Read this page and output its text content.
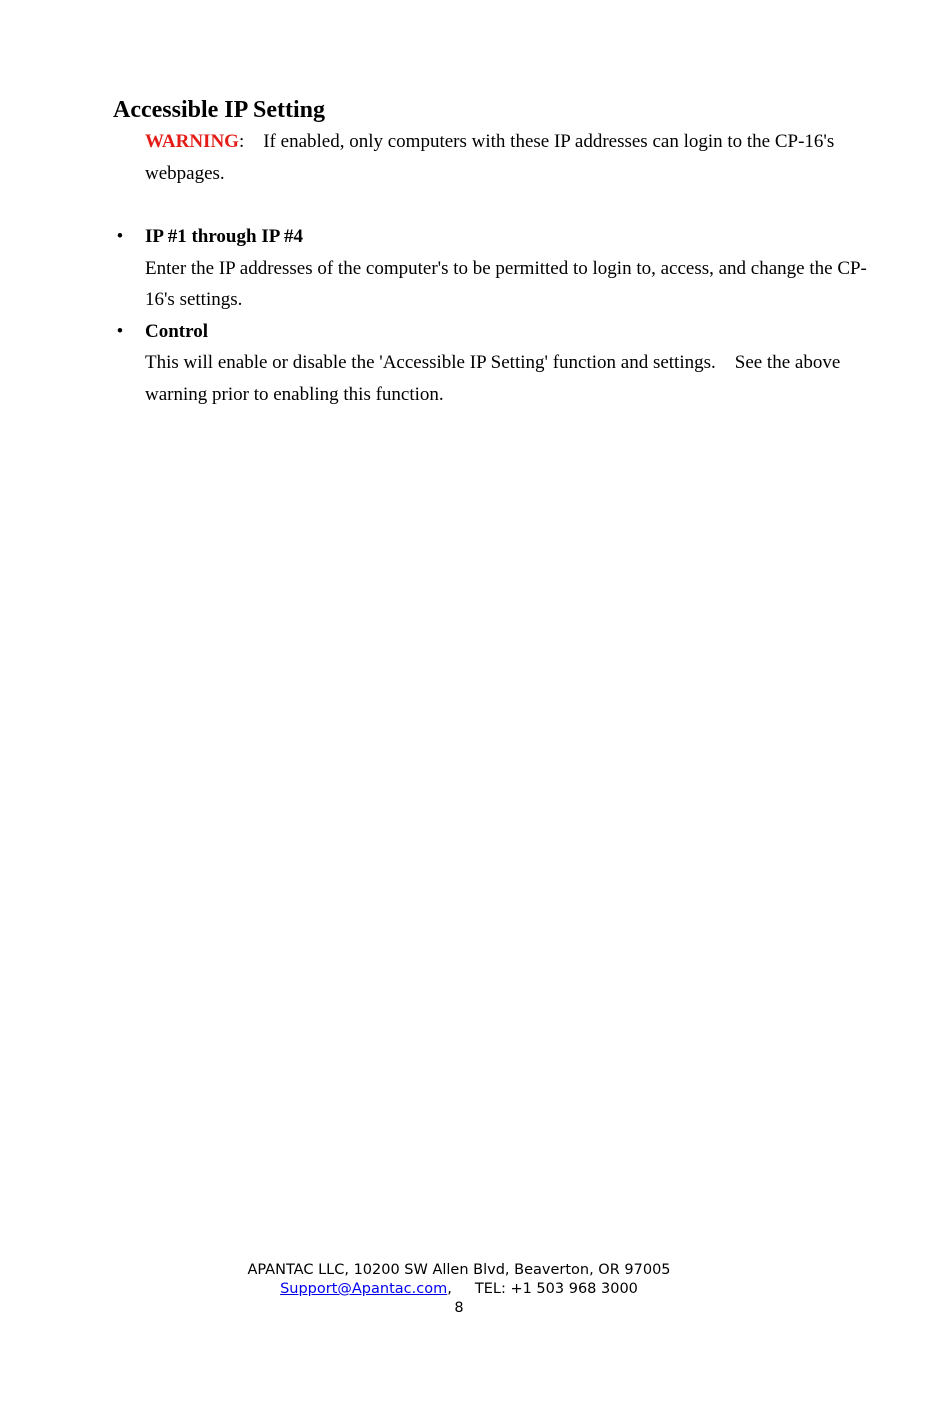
Accessible IP Setting
WARNING:    If enabled, only computers with these IP addresses can login to the CP-16's webpages.
• IP #1 through IP #4
Enter the IP addresses of the computer's to be permitted to login to, access, and change the CP-16's settings.
• Control
This will enable or disable the 'Accessible IP Setting' function and settings.    See the above warning prior to enabling this function.
APANTAC LLC, 10200 SW Allen Blvd, Beaverton, OR 97005
Support@Apantac.com, TEL: +1 503 968 3000
8
